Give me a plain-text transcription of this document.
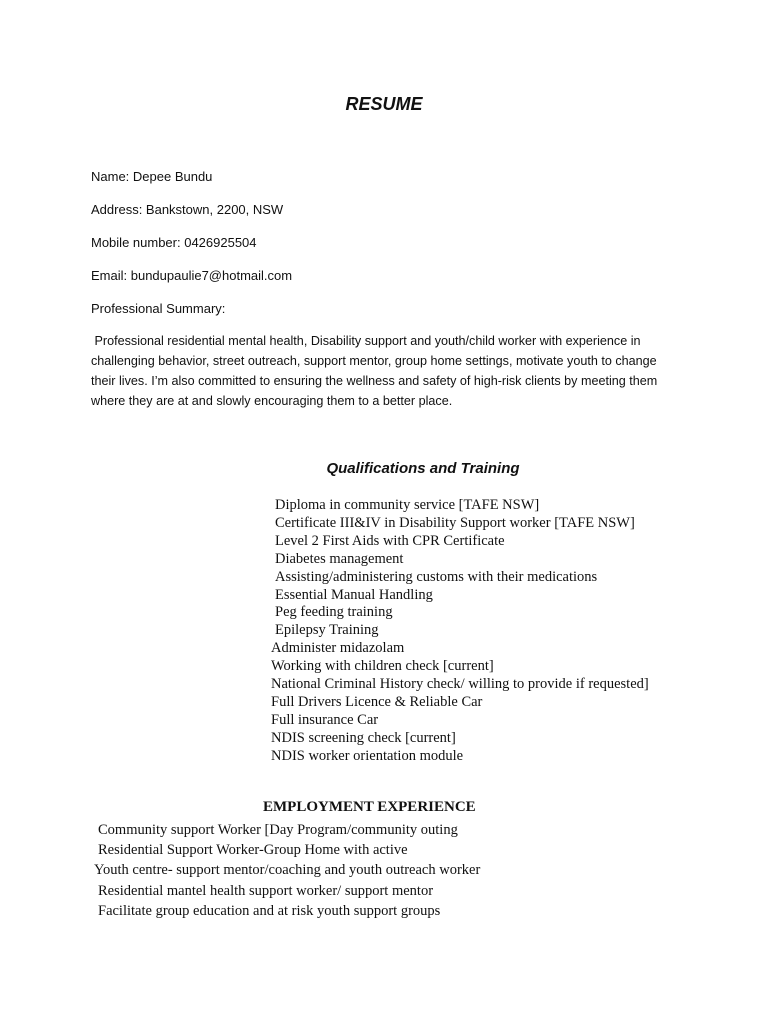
RESUME
Name: Depee Bundu
Address: Bankstown, 2200, NSW
Mobile number: 0426925504
Email: bundupaulie7@hotmail.com
Professional Summary:

Professional residential mental health, Disability support and youth/child worker with experience in

challenging behavior, street outreach, support mentor, group home settings, motivate youth to change

their lives. I’m also committed to ensuring the wellness and safety of high-risk clients by meeting them

where they are at and slowly encouraging them to a better place.

Qualifications and Training
Diploma in community service [TAFE NSW]
Certificate III&IV in Disability Support worker [TAFE NSW]
Level 2 First Aids with CPR Certificate
Diabetes management
Assisting/administering customs with their medications
Essential Manual Handling
Peg feeding training
Epilepsy Training
Administer midazolam
Working with children check [current]
National Criminal History check/ willing to provide if requested]
Full Drivers Licence & Reliable Car
Full insurance Car
NDIS screening check [current]
NDIS worker orientation module
EMPLOYMENT EXPERIENCE
Community support Worker [Day Program/community outing
Residential Support Worker-Group Home with active
Youth centre- support mentor/coaching and youth outreach worker
Residential mantel health support worker/ support mentor
Facilitate group education and at risk youth support groups
